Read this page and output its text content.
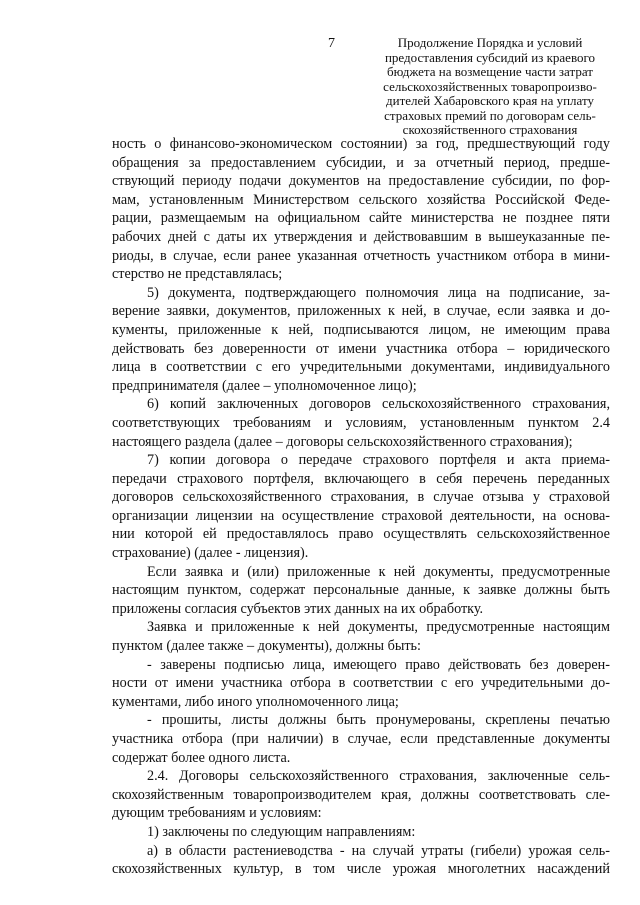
7	Продолжение Порядка и условий
предоставления субсидий из краевого
бюджета на возмещение части затрат
сельскохозяйственных товаропроизво-
дителей Хабаровского края на уплату
страховых премий по договорам сель-
скохозяйственного страхования
ность о финансово-экономическом состоянии) за год, предшествующий году
обращения за предоставлением субсидии, и за отчетный период, предше-
ствующий периоду подачи документов на предоставление субсидии, по фор-
мам, установленным Министерством сельского хозяйства Российской Феде-
рации, размещаемым на официальном сайте министерства не позднее пяти
рабочих дней с даты их утверждения и действовавшим в вышеуказанные пе-
риоды, в случае, если ранее указанная отчетность участником отбора в мини-
стерство не представлялась;
5) документа, подтверждающего полномочия лица на подписание, за-
верение заявки, документов, приложенных к ней, в случае, если заявка и до-
кументы, приложенные к ней, подписываются лицом, не имеющим права
действовать без доверенности от имени участника отбора – юридического
лица в соответствии с его учредительными документами, индивидуального
предпринимателя (далее – уполномоченное лицо);
6) копий заключенных договоров сельскохозяйственного страхования,
соответствующих требованиям и условиям, установленным пунктом 2.4
настоящего раздела (далее – договоры сельскохозяйственного страхования);
7) копии договора о передаче страхового портфеля и акта приема-
передачи страхового портфеля, включающего в себя перечень переданных
договоров сельскохозяйственного страхования, в случае отзыва у страховой
организации лицензии на осуществление страховой деятельности, на основа-
нии которой ей предоставлялось право осуществлять сельскохозяйственное
страхование) (далее - лицензия).
Если заявка и (или) приложенные к ней документы, предусмотренные
настоящим пунктом, содержат персональные данные, к заявке должны быть
приложены согласия субъектов этих данных на их обработку.
Заявка и приложенные к ней документы, предусмотренные настоящим
пунктом (далее также – документы), должны быть:
- заверены подписью лица, имеющего право действовать без доверен-
ности от имени участника отбора в соответствии с его учредительными до-
кументами, либо иного уполномоченного лица;
- прошиты, листы должны быть пронумерованы, скреплены печатью
участника отбора (при наличии) в случае, если представленные документы
содержат более одного листа.
2.4. Договоры сельскохозяйственного страхования, заключенные сель-
скохозяйственным товаропроизводителем края, должны соответствовать сле-
дующим требованиям и условиям:
1) заключены по следующим направлениям:
а) в области растениеводства - на случай утраты (гибели) урожая сель-
скохозяйственных культур, в том числе урожая многолетних насаждений
